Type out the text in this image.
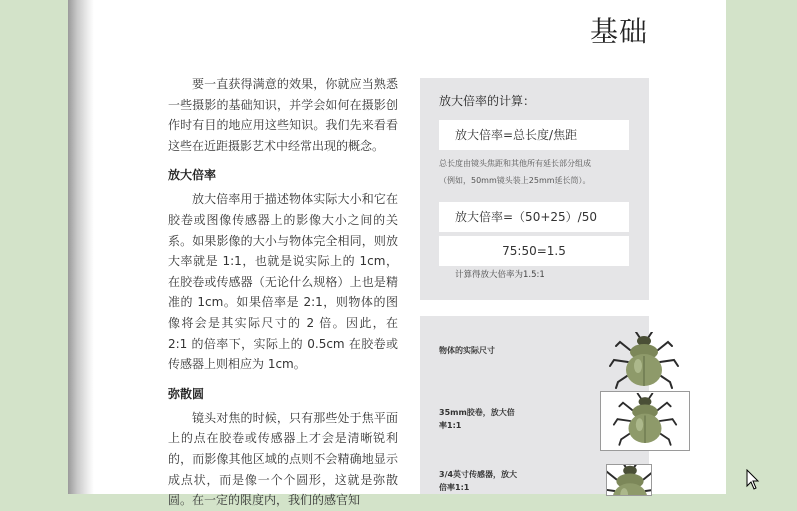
基础

要一直获得满意的效果，你就应当熟悉一些摄影的基础知识，并学会如何在摄影创作时有目的地应用这些知识。我们先来看看这些在近距摄影艺术中经常出现的概念。

放大倍率

放大倍率用于描述物体实际大小和它在胶卷或图像传感器上的影像大小之间的关系。如果影像的大小与物体完全相同，则放大率就是 1:1，也就是说实际上的 1cm，在胶卷或传感器（无论什么规格）上也是精准的 1cm。如果倍率是 2:1，则物体的图像将会是其实际尺寸的 2 倍。因此，在 2:1 的倍率下，实际上的 0.5cm 在胶卷或传感器上则相应为 1cm。

弥散圆

镜头对焦的时候，只有那些处于焦平面上的点在胶卷或传感器上才会是清晰锐利的，而影像其他区域的点则不会精确地显示成点状，而是像一个个圆形，这就是弥散圆。在一定的限度内，我们的感官知

放大倍率的计算：
放大倍率=总长度/焦距
总长度由镜头焦距和其他所有延长部分组成
（例如，50mm镜头装上25mm延长筒）。
放大倍率=（50+25）/50
75:50=1.5
计算得放大倍率为1.5:1
物体的实际尺寸
35mm胶卷，放大倍率1:1
3/4英寸传感器，放大倍率1:1
